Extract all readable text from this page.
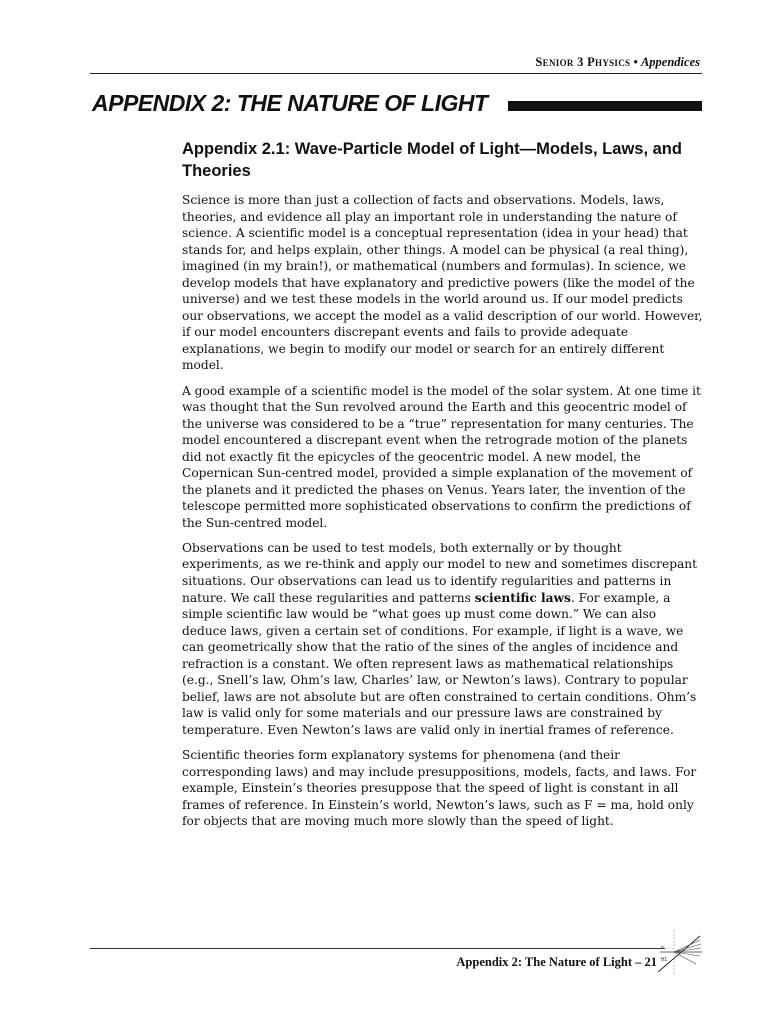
Senior 3 Physics • Appendices
APPENDIX 2: THE NATURE OF LIGHT
Appendix 2.1: Wave-Particle Model of Light—Models, Laws, and Theories

Science is more than just a collection of facts and observations. Models, laws, theories, and evidence all play an important role in understanding the nature of science. A scientific model is a conceptual representation (idea in your head) that stands for, and helps explain, other things. A model can be physical (a real thing), imagined (in my brain!), or mathematical (numbers and formulas). In science, we develop models that have explanatory and predictive powers (like the model of the universe) and we test these models in the world around us. If our model predicts our observations, we accept the model as a valid description of our world. However, if our model encounters discrepant events and fails to provide adequate explanations, we begin to modify our model or search for an entirely different model.

A good example of a scientific model is the model of the solar system. At one time it was thought that the Sun revolved around the Earth and this geocentric model of the universe was considered to be a “true” representation for many centuries. The model encountered a discrepant event when the retrograde motion of the planets did not exactly fit the epicycles of the geocentric model. A new model, the Copernican Sun-centred model, provided a simple explanation of the movement of the planets and it predicted the phases on Venus. Years later, the invention of the telescope permitted more sophisticated observations to confirm the predictions of the Sun-centred model.

Observations can be used to test models, both externally or by thought experiments, as we re-think and apply our model to new and sometimes discrepant situations. Our observations can lead us to identify regularities and patterns in nature. We call these regularities and patterns scientific laws. For example, a simple scientific law would be “what goes up must come down.” We can also deduce laws, given a certain set of conditions. For example, if light is a wave, we can geometrically show that the ratio of the sines of the angles of incidence and refraction is a constant. We often represent laws as mathematical relationships (e.g., Snell’s law, Ohm’s law, Charles’ law, or Newton’s laws). Contrary to popular belief, laws are not absolute but are often constrained to certain conditions. Ohm’s law is valid only for some materials and our pressure laws are constrained by temperature. Even Newton’s laws are valid only in inertial frames of reference.

Scientific theories form explanatory systems for phenomena (and their corresponding laws) and may include presuppositions, models, facts, and laws. For example, Einstein’s theories presuppose that the speed of light is constant in all frames of reference. In Einstein’s world, Newton’s laws, such as F = ma, hold only for objects that are moving much more slowly than the speed of light.

Appendix 2: The Nature of Light – 21
n
θ1
